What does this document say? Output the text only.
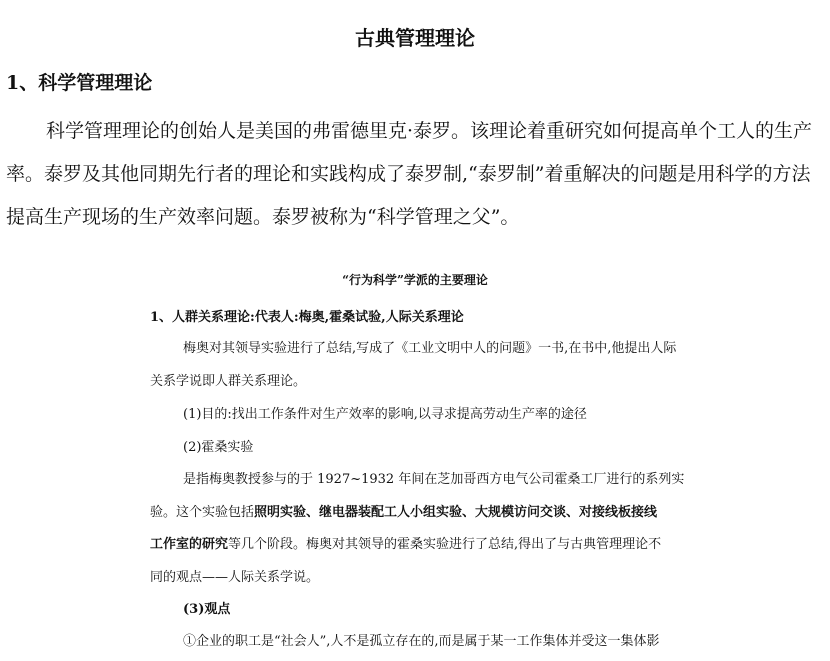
古典管理理论
1、科学管理理论
科学管理理论的创始人是美国的弗雷德里克·泰罗。该理论着重研究如何提高单个工人的生产率。泰罗及其他同期先行者的理论和实践构成了泰罗制,“泰罗制”着重解决的问题是用科学的方法提高生产现场的生产效率问题。泰罗被称为“科学管理之父”。
“行为科学”学派的主要理论
1、人群关系理论:代表人:梅奥,霍桑试验,人际关系理论
梅奥对其领导实验进行了总结,写成了《工业文明中人的问题》一书,在书中,他提出人际
关系学说即人群关系理论。
(1)目的:找出工作条件对生产效率的影响,以寻求提高劳动生产率的途径
(2)霍桑实验
是指梅奥教授参与的于 1927~1932 年间在芝加哥西方电气公司霍桑工厂进行的系列实
验。这个实验包括照明实验、继电器装配工人小组实验、大规模访问交谈、对接线板接线
工作室的研究等几个阶段。梅奥对其领导的霍桑实验进行了总结,得出了与古典管理理论不
同的观点——人际关系学说。
(3)观点
①企业的职工是“社会人”,人不是孤立存在的,而是属于某一工作集体并受这一集体影
